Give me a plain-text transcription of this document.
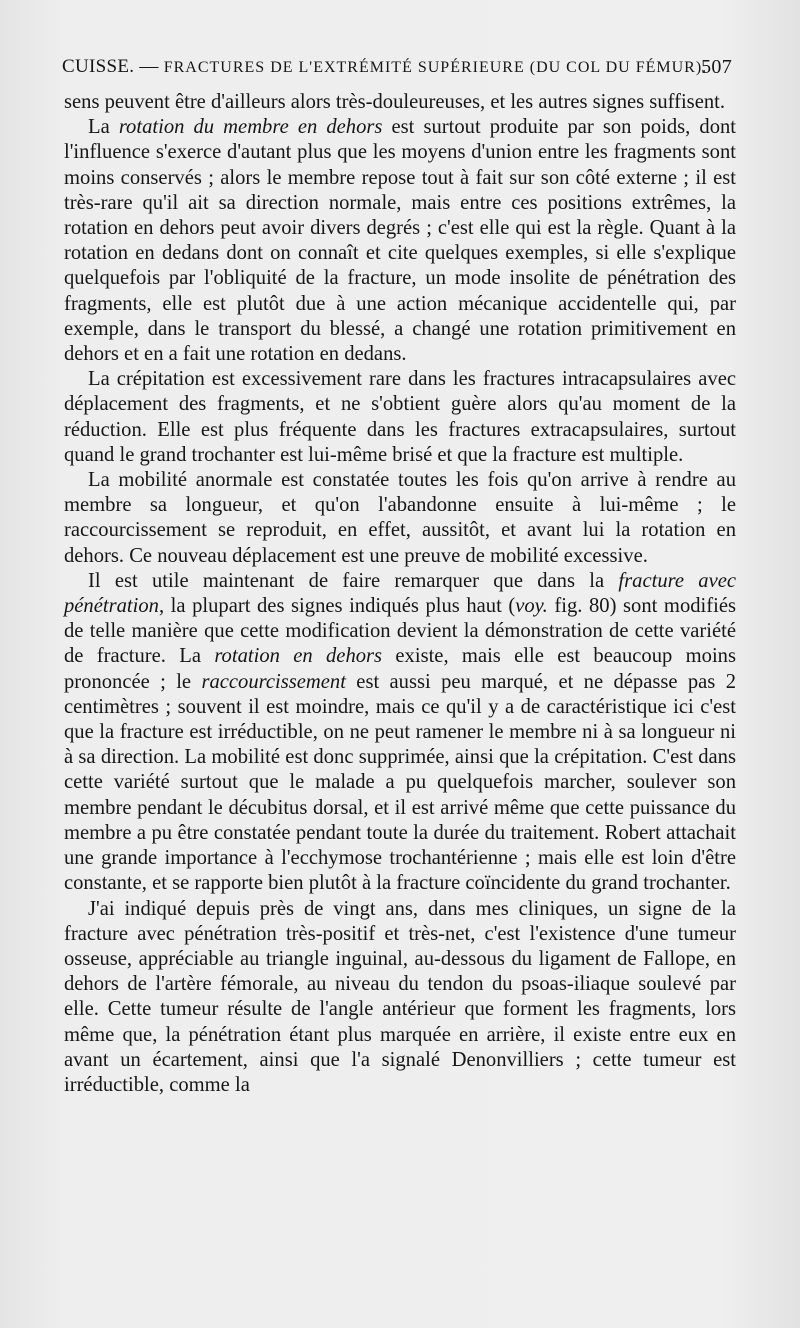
CUISSE. — FRACTURES DE L'EXTRÉMITÉ SUPÉRIEURE (DU COL DU FÉMUR).
507

sens peuvent être d'ailleurs alors très-douleureuses, et les autres signes suffisent.

La rotation du membre en dehors est surtout produite par son poids, dont l'influence s'exerce d'autant plus que les moyens d'union entre les fragments sont moins conservés ; alors le membre repose tout à fait sur son côté externe ; il est très-rare qu'il ait sa direction normale, mais entre ces positions extrêmes, la rotation en dehors peut avoir divers degrés ; c'est elle qui est la règle. Quant à la rotation en dedans dont on connaît et cite quelques exemples, si elle s'explique quelquefois par l'obliquité de la fracture, un mode insolite de pénétration des fragments, elle est plutôt due à une action mécanique accidentelle qui, par exemple, dans le transport du blessé, a changé une rotation primitivement en dehors et en a fait une rotation en dedans.

La crépitation est excessivement rare dans les fractures intracapsulaires avec déplacement des fragments, et ne s'obtient guère alors qu'au moment de la réduction. Elle est plus fréquente dans les fractures extracapsulaires, surtout quand le grand trochanter est lui-même brisé et que la fracture est multiple.

La mobilité anormale est constatée toutes les fois qu'on arrive à rendre au membre sa longueur, et qu'on l'abandonne ensuite à lui-même ; le raccourcissement se reproduit, en effet, aussitôt, et avant lui la rotation en dehors. Ce nouveau déplacement est une preuve de mobilité excessive.

Il est utile maintenant de faire remarquer que dans la fracture avec pénétration, la plupart des signes indiqués plus haut (voy. fig. 80) sont modifiés de telle manière que cette modification devient la démonstration de cette variété de fracture. La rotation en dehors existe, mais elle est beaucoup moins prononcée ; le raccourcissement est aussi peu marqué, et ne dépasse pas 2 centimètres ; souvent il est moindre, mais ce qu'il y a de caractéristique ici c'est que la fracture est irréductible, on ne peut ramener le membre ni à sa longueur ni à sa direction. La mobilité est donc supprimée, ainsi que la crépitation. C'est dans cette variété surtout que le malade a pu quelquefois marcher, soulever son membre pendant le décubitus dorsal, et il est arrivé même que cette puissance du membre a pu être constatée pendant toute la durée du traitement. Robert attachait une grande importance à l'ecchymose trochantérienne ; mais elle est loin d'être constante, et se rapporte bien plutôt à la fracture coïncidente du grand trochanter.

J'ai indiqué depuis près de vingt ans, dans mes cliniques, un signe de la fracture avec pénétration très-positif et très-net, c'est l'existence d'une tumeur osseuse, appréciable au triangle inguinal, au-dessous du ligament de Fallope, en dehors de l'artère fémorale, au niveau du tendon du psoas-iliaque soulevé par elle. Cette tumeur résulte de l'angle antérieur que forment les fragments, lors même que, la pénétration étant plus marquée en arrière, il existe entre eux en avant un écartement, ainsi que l'a signalé Denonvilliers ; cette tumeur est irréductible, comme la
